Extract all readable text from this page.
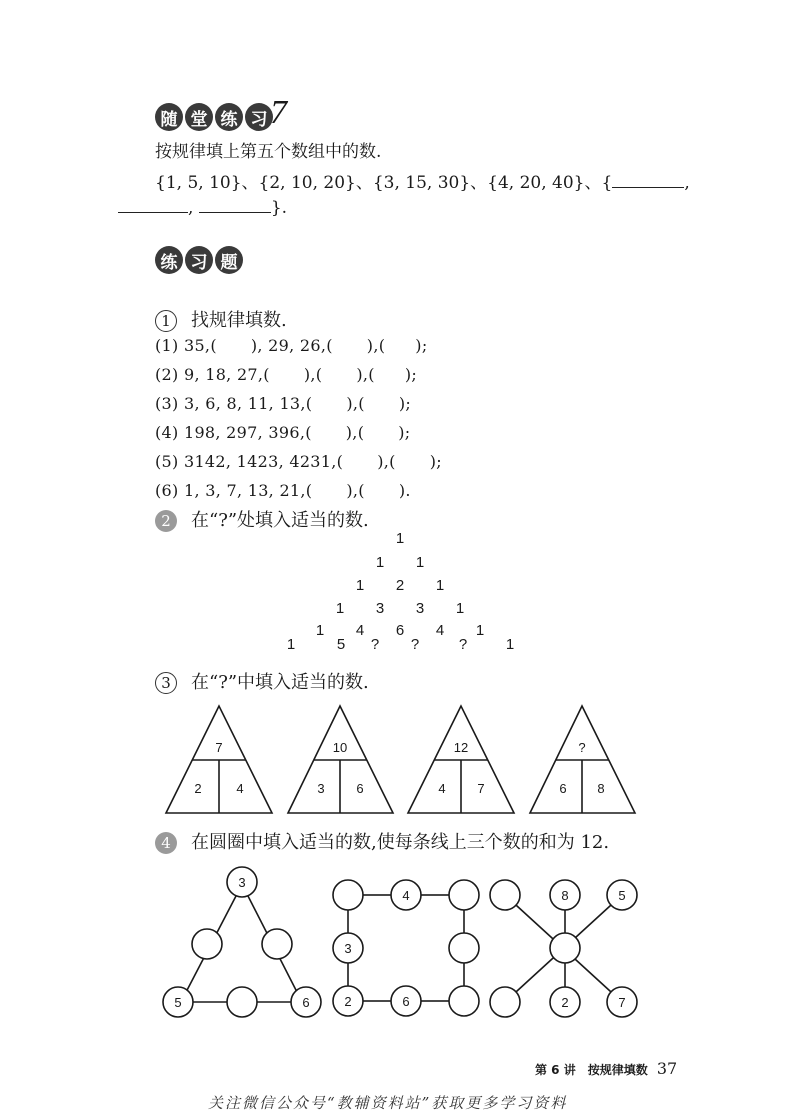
随 堂 练 习 7
按规律填上第五个数组中的数.
{1, 5, 10}、{2, 10, 20}、{3, 15, 30}、{4, 20, 40}、{	,
,	}.
练 习 题
1 找规律填数.
(1) 35,( ), 29, 26,( ),( );
(2) 9, 18, 27,( ),( ),( );
(3) 3, 6, 8, 11, 13,( ),( );
(4) 198, 297, 396,( ),( );
(5) 3142, 1423, 4231,( ),( );
(6) 1, 3, 7, 13, 21,( ),( ).
2 在“?”处填入适当的数.
1
1	1
1	2	1
1	3	3	1
1	4	6	4	1
1	5	?	?	?	1
3 在“?”中填入适当的数.
7
2	4
10
3 6
12
4 7
?
6 8
3
5	6
4
3
2	6
8	5
2	7
4 在圆圈中填入适当的数,使每条线上三个数的和为 12.
第 6 讲　按规律填数 37
关注微信公众号“教辅资料站”获取更多学习资料
